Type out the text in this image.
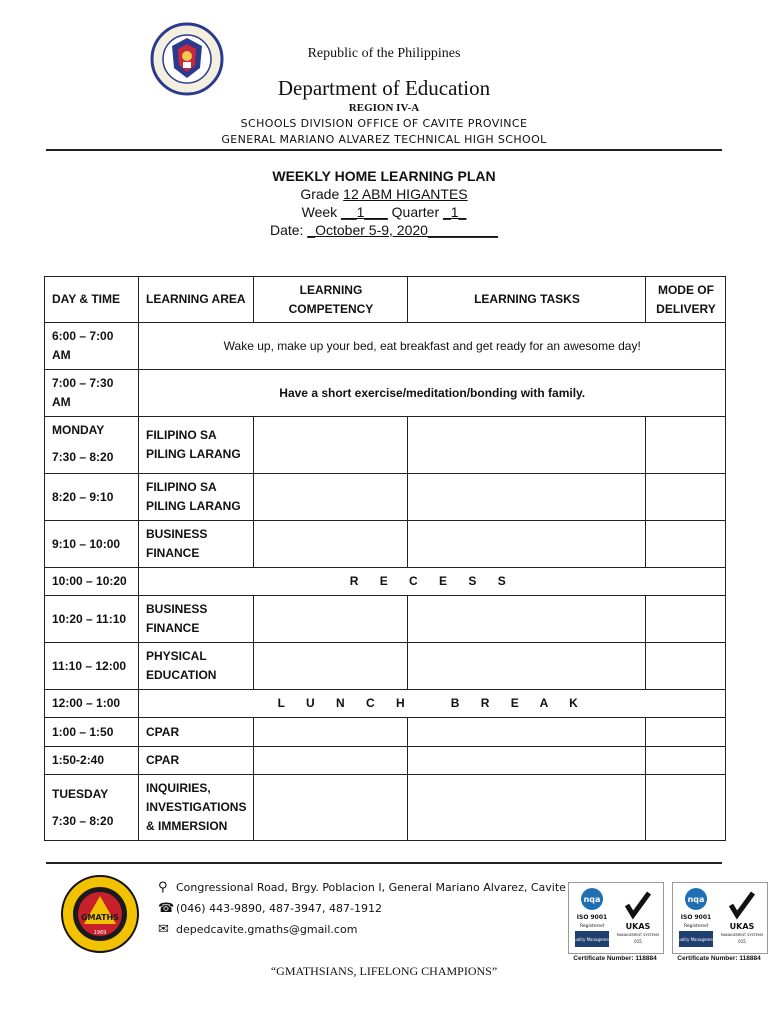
Republic of the Philippines
Department of Education
REGION IV-A
SCHOOLS DIVISION OFFICE OF CAVITE PROVINCE
GENERAL MARIANO ALVAREZ TECHNICAL HIGH SCHOOL
WEEKLY HOME LEARNING PLAN
Grade 12 ABM HIGANTES
Week __1___ Quarter _1_
Date: _October 5-9, 2020_________
DAY & TIME	LEARNING AREA	LEARNING COMPETENCY	LEARNING TASKS	MODE OF DELIVERY
6:00 – 7:00 AM	Wake up, make up your bed, eat breakfast and get ready for an awesome day!			
7:00 – 7:30 AM	Have a short exercise/meditation/bonding with family.			

MONDAY
7:30 – 8:20	FILIPINO SA PILING LARANG			
8:20 – 9:10	FILIPINO SA PILING LARANG			
9:10 – 10:00	BUSINESS FINANCE			
10:00 – 10:20	R E C E S S			
10:20 – 11:10	BUSINESS FINANCE			
11:10 – 12:00	PHYSICAL EDUCATION			
12:00 – 1:00	L U N C H   B R E A K			
1:00 – 1:50	CPAR			
1:50-2:40	CPAR			

TUESDAY
7:30 – 8:20	INQUIRIES, INVESTIGATIONS & IMMERSION			
GMATHS
1969
⚲ Congressional Road, Brgy. Poblacion I, General Mariano Alvarez, Cavite
☎ (046) 443-9890, 487-3947, 487-1912
✉ depedcavite.gmaths@gmail.com
nqa
ISO 9001
Registered
Quality Management
UKAS
MANAGEMENT SYSTEMS
015
nqa
ISO 9001
Registered
Quality Management
UKAS
MANAGEMENT SYSTEMS
015
Certificate Number: 118884	Certificate Number: 118884
“GMATHSIANS, LIFELONG CHAMPIONS”
